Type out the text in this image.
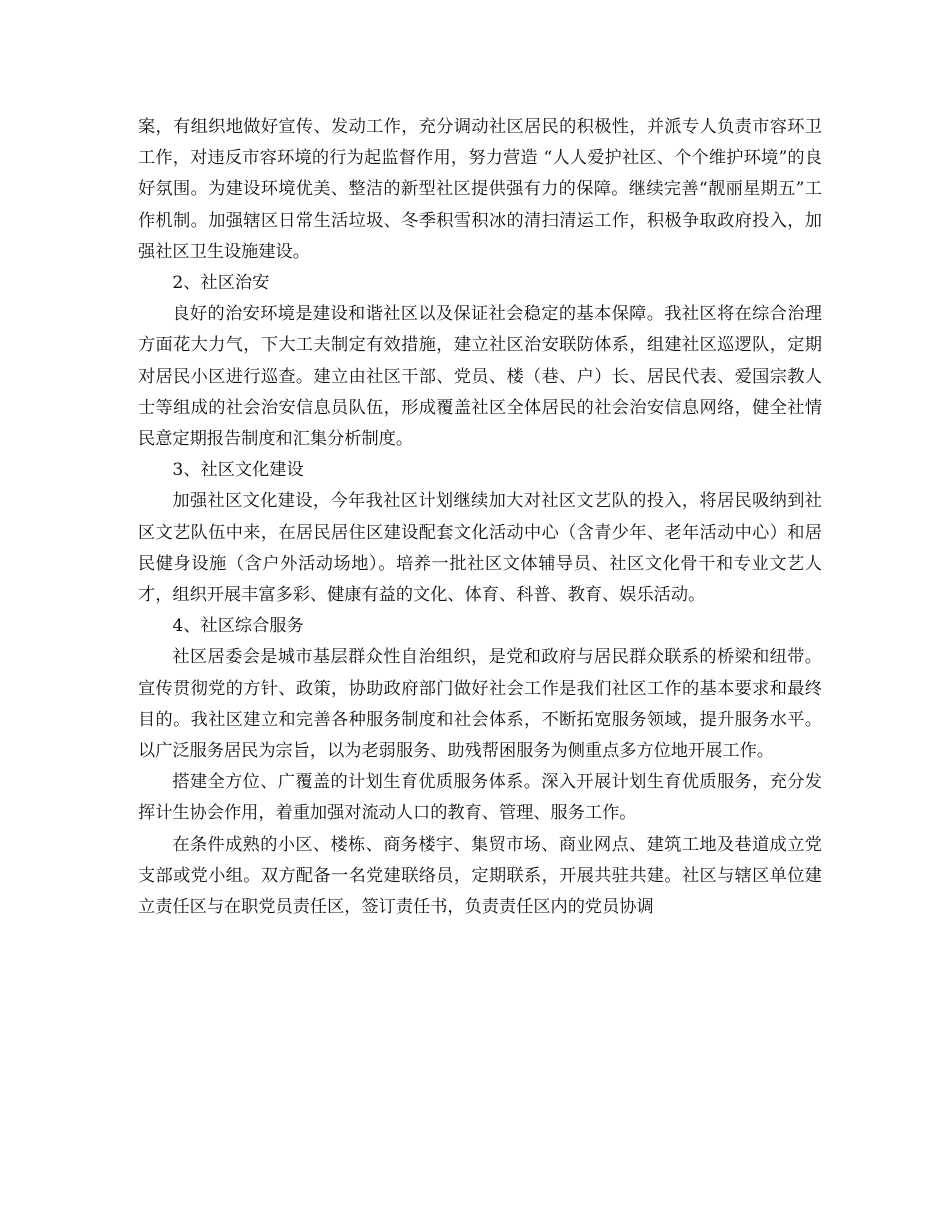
案，有组织地做好宣传、发动工作，充分调动社区居民的积极性，并派专人负责市容环卫工作，对违反市容环境的行为起监督作用，努力营造 “人人爱护社区、个个维护环境”的良好氛围。为建设环境优美、整洁的新型社区提供强有力的保障。继续完善“靓丽星期五”工作机制。加强辖区日常生活垃圾、冬季积雪积冰的清扫清运工作，积极争取政府投入，加强社区卫生设施建设。

2、社区治安

良好的治安环境是建设和谐社区以及保证社会稳定的基本保障。我社区将在综合治理方面花大力气，下大工夫制定有效措施，建立社区治安联防体系，组建社区巡逻队，定期对居民小区进行巡查。建立由社区干部、党员、楼（巷、户）长、居民代表、爱国宗教人士等组成的社会治安信息员队伍，形成覆盖社区全体居民的社会治安信息网络，健全社情民意定期报告制度和汇集分析制度。

3、社区文化建设

加强社区文化建设，今年我社区计划继续加大对社区文艺队的投入，将居民吸纳到社区文艺队伍中来，在居民居住区建设配套文化活动中心（含青少年、老年活动中心）和居民健身设施（含户外活动场地）。培养一批社区文体辅导员、社区文化骨干和专业文艺人才，组织开展丰富多彩、健康有益的文化、体育、科普、教育、娱乐活动。

4、社区综合服务

社区居委会是城市基层群众性自治组织，是党和政府与居民群众联系的桥梁和纽带。宣传贯彻党的方针、政策，协助政府部门做好社会工作是我们社区工作的基本要求和最终目的。我社区建立和完善各种服务制度和社会体系，不断拓宽服务领域，提升服务水平。以广泛服务居民为宗旨，以为老弱服务、助残帮困服务为侧重点多方位地开展工作。

搭建全方位、广覆盖的计划生育优质服务体系。深入开展计划生育优质服务，充分发挥计生协会作用，着重加强对流动人口的教育、管理、服务工作。

在条件成熟的小区、楼栋、商务楼宇、集贸市场、商业网点、建筑工地及巷道成立党支部或党小组。双方配备一名党建联络员，定期联系，开展共驻共建。社区与辖区单位建立责任区与在职党员责任区，签订责任书，负责责任区内的党员协调
